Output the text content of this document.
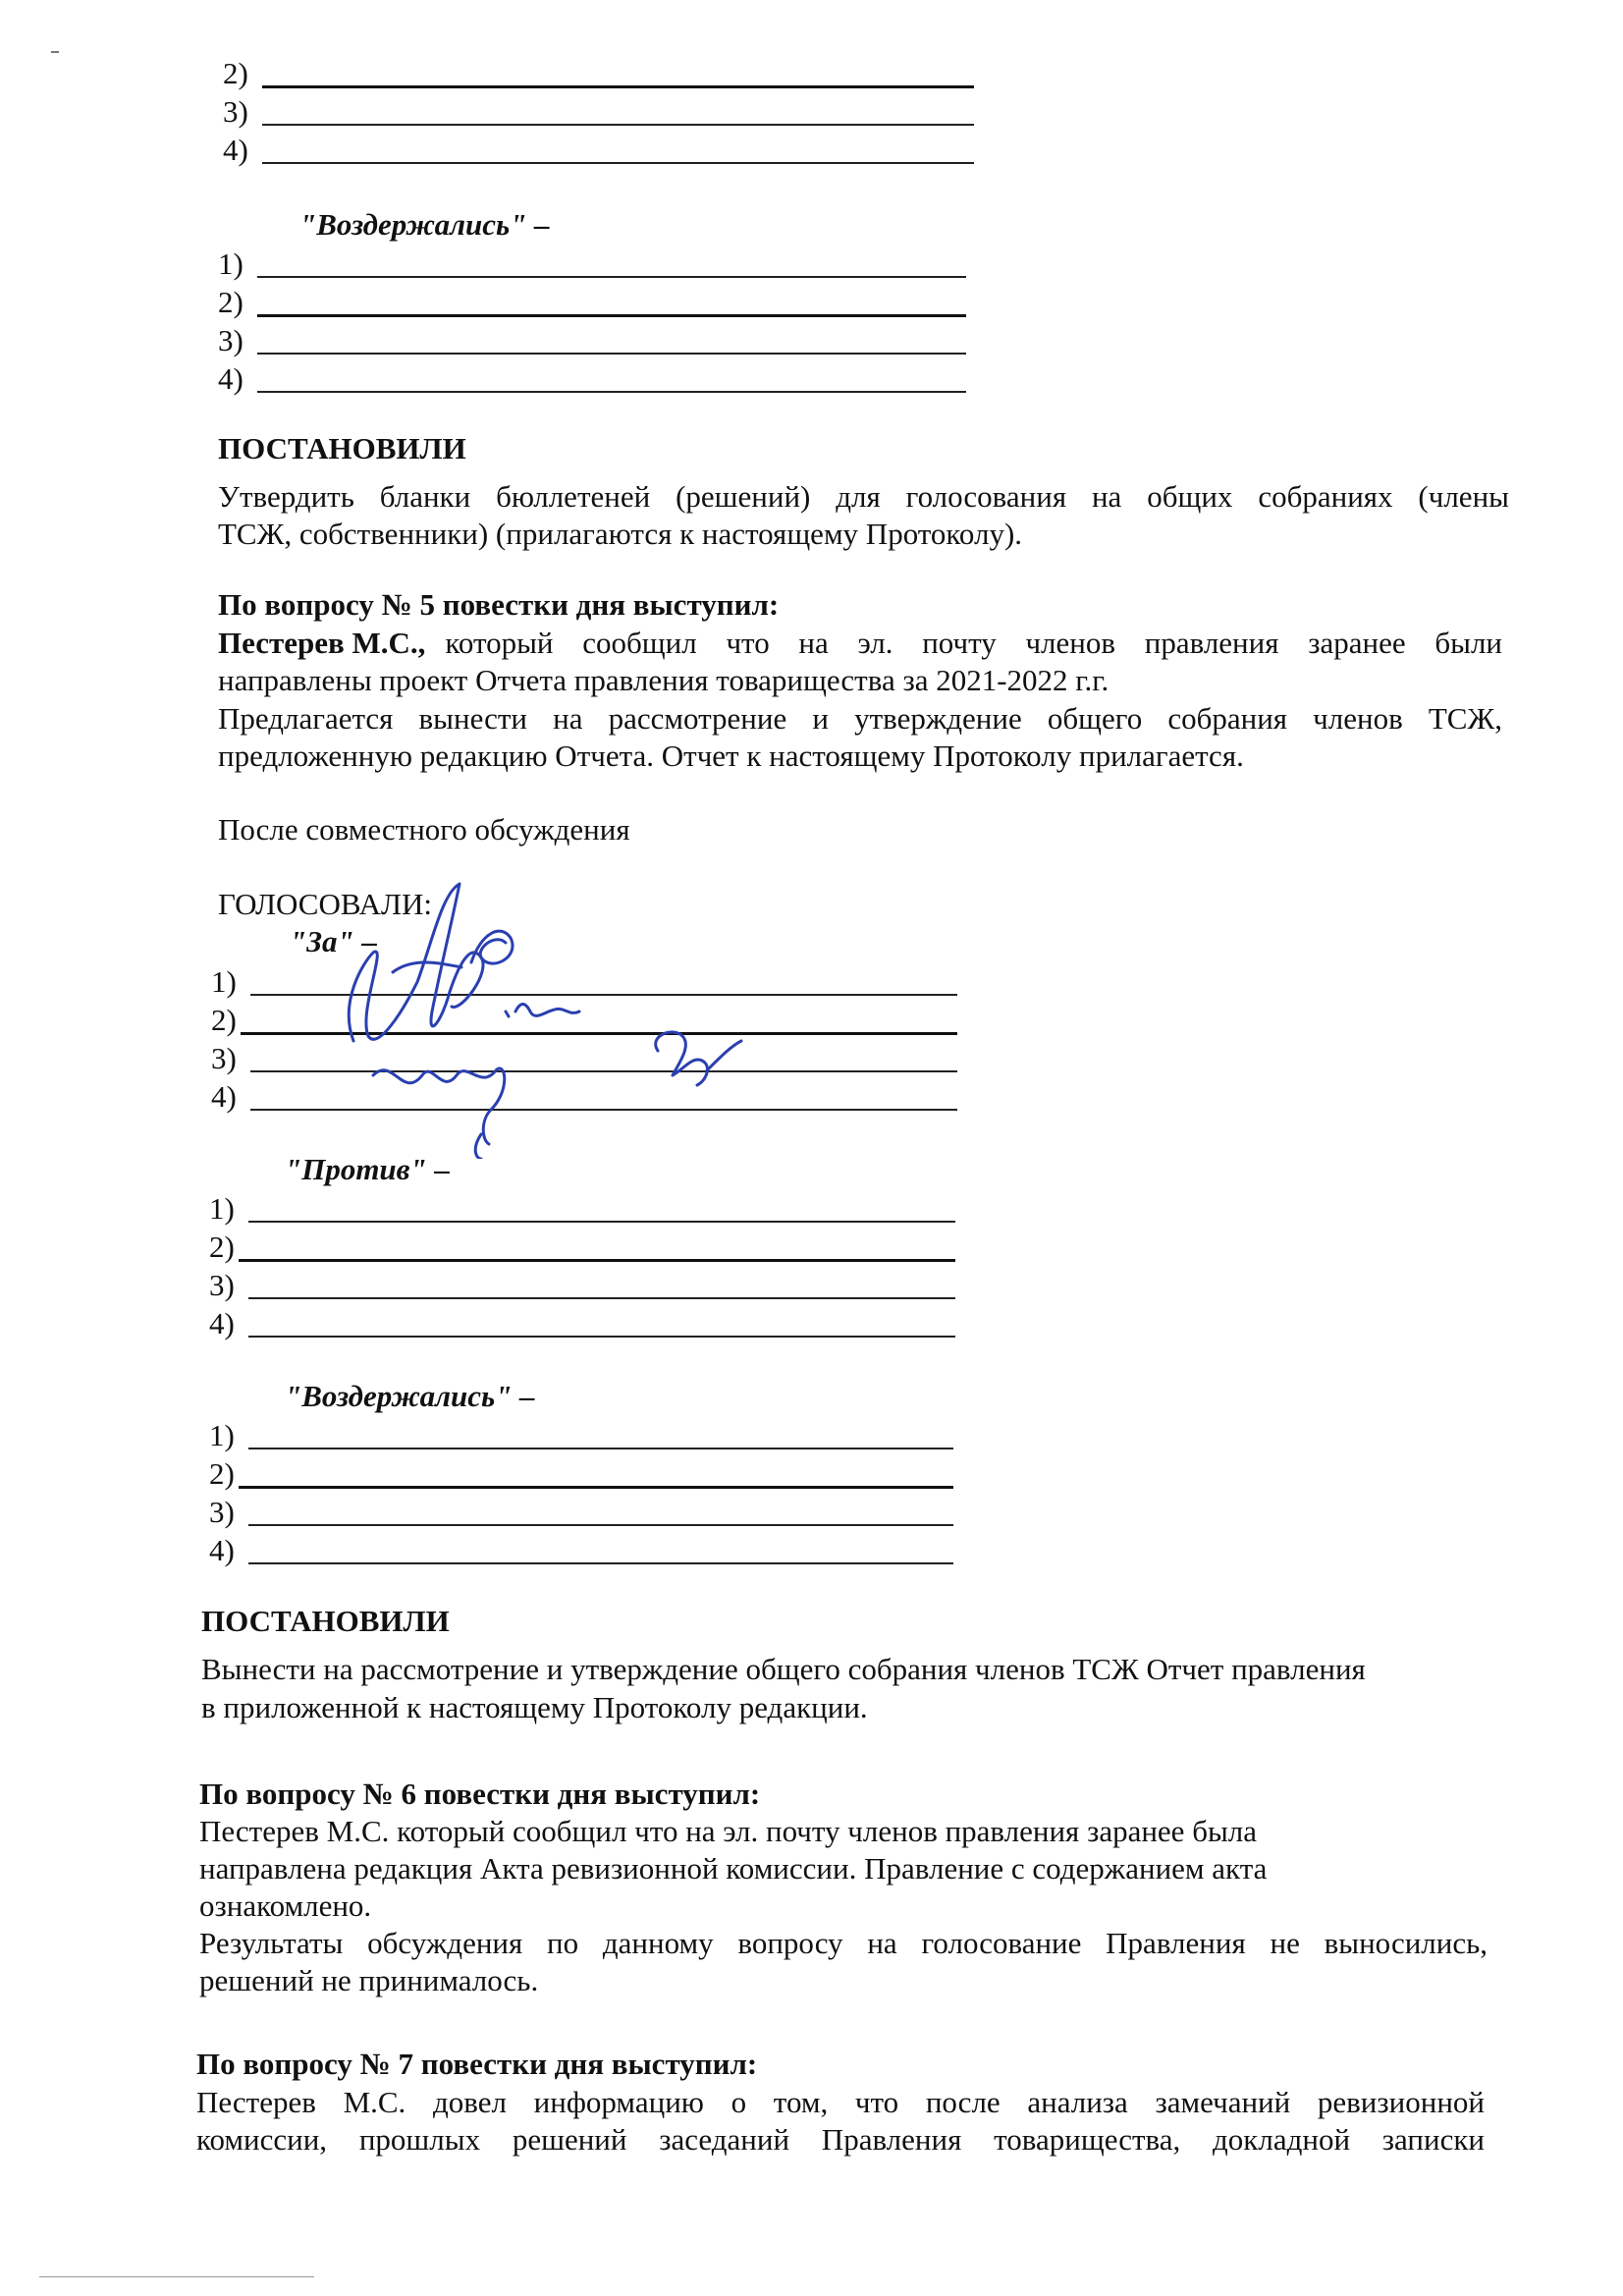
2)
3)
4)
"Воздержались" –
1)
2)
3)
4)
ПОСТАНОВИЛИ
Утвердить бланки бюллетеней (решений) для голосования на общих собраниях (члены
ТСЖ, собственники) (прилагаются к настоящему Протоколу).
По вопросу № 5 повестки дня выступил:
Пестерев М.С., который сообщил что на эл. почту членов правления заранее были
направлены проект Отчета правления товарищества за 2021-2022 г.г.
Предлагается вынести на рассмотрение и утверждение общего собрания членов ТСЖ,
предложенную редакцию Отчета. Отчет к настоящему Протоколу прилагается.
После совместного обсуждения
ГОЛОСОВАЛИ:
"За" –
1)
2)
3)
4)
"Против" –
1)
2)
3)
4)
"Воздержались" –
1)
2)
3)
4)
ПОСТАНОВИЛИ
Вынести на рассмотрение и утверждение общего собрания членов ТСЖ Отчет правления
в приложенной к настоящему Протоколу редакции.
По вопросу № 6 повестки дня выступил:
Пестерев М.С. который сообщил что на эл. почту членов правления заранее была
направлена редакция Акта ревизионной комиссии. Правление с содержанием акта
ознакомлено.
Результаты обсуждения по данному вопросу на голосование Правления не выносились,
решений не принималось.
По вопросу № 7 повестки дня выступил:
Пестерев М.С. довел информацию о том, что после анализа замечаний ревизионной
комиссии, прошлых решений заседаний Правления товарищества, докладной записки
